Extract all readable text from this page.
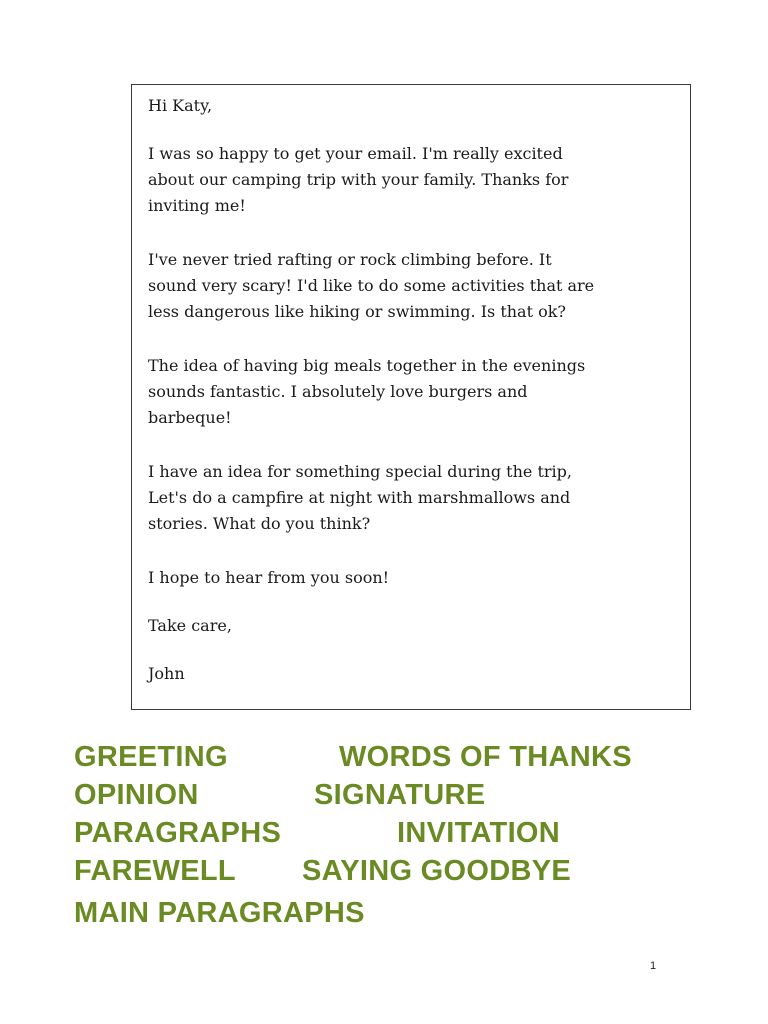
Hi Katy,

I was so happy to get your email. I'm really excited
about our camping trip with your family. Thanks for
inviting me!

I've never tried rafting or rock climbing before. It
sound very scary! I'd like to do some activities that are
less dangerous like hiking or swimming. Is that ok?

The idea of having big meals together in the evenings
sounds fantastic. I absolutely love burgers and
barbeque!

I have an idea for something special during the trip,
Let's do a campfire at night with marshmallows and
stories. What do you think?

I hope to hear from you soon!

Take care,

John

GREETING	WORDS OF THANKS
OPINION	SIGNATURE
PARAGRAPHS	INVITATION
FAREWELL SAYING GOODBYE
MAIN PARAGRAPHS
1
